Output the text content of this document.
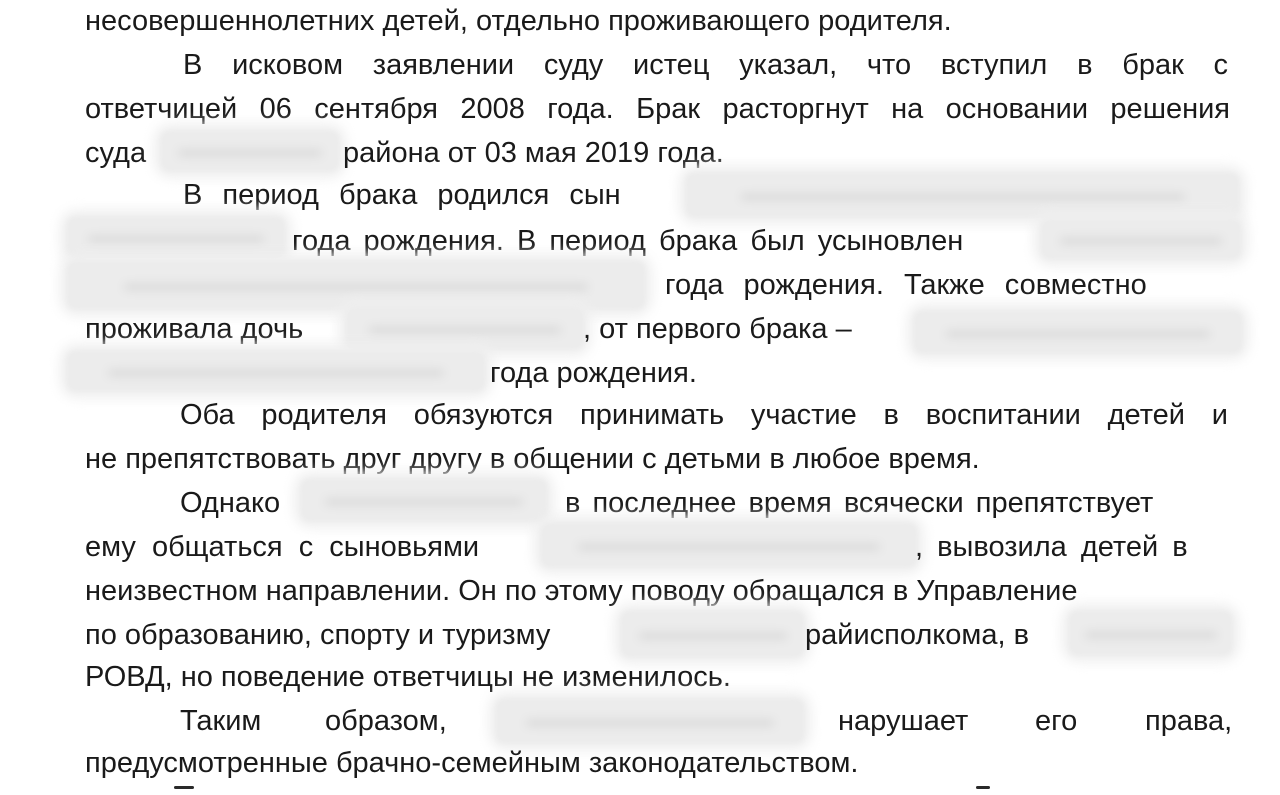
несовершеннолетних детей, отдельно проживающего родителя.
В исковом заявлении суду истец указал, что вступил в брак с
ответчицей 06 сентября 2008 года. Брак расторгнут на основании решения
суда	района от 03 мая 2019 года.
В период брака родился сын
года рождения. В период брака был усыновлен
года рождения. Также совместно
проживала дочь	, от первого брака –
года рождения.
Оба родителя обязуются принимать участие в воспитании детей и
не препятствовать друг другу в общении с детьми в любое время.
Однако	в последнее время всячески препятствует
ему общаться с сыновьями	, вывозила детей в
неизвестном направлении. Он по этому поводу обращался в Управление
по образованию, спорту и туризму	райисполкома, в
РОВД, но поведение ответчицы не изменилось.
Таким образом,	нарушает его права,
предусмотренные брачно-семейным законодательством.
